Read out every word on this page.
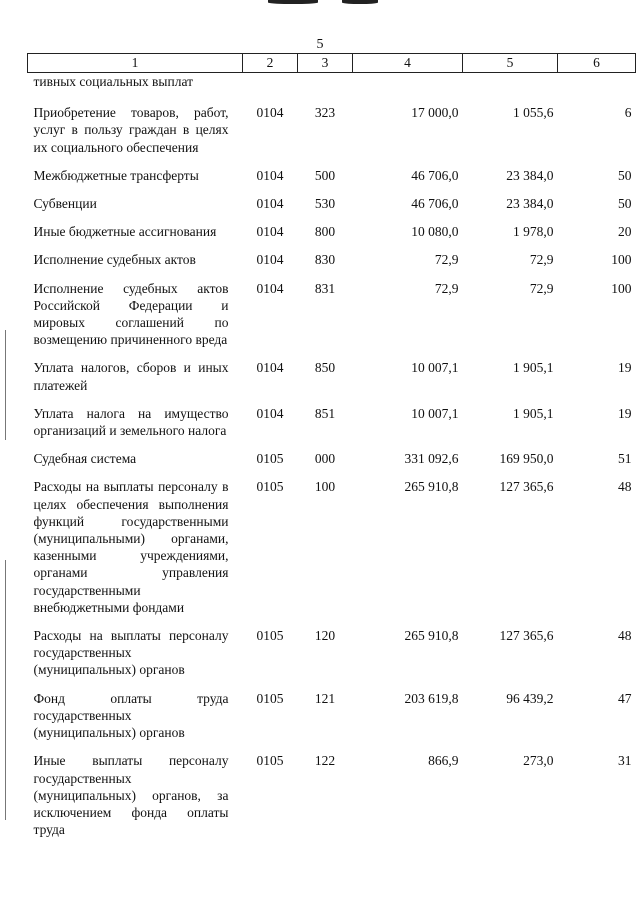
5
1	2	3	4	5	6
тивных социальных выплат					
Приобретение товаров, работ, услуг в пользу граждан в целях их социального обеспечения	0104	323	17 000,0	1 055,6	6
Межбюджетные трансферты	0104	500	46 706,0	23 384,0	50
Субвенции	0104	530	46 706,0	23 384,0	50
Иные бюджетные ассигнования	0104	800	10 080,0	1 978,0	20
Исполнение судебных актов	0104	830	72,9	72,9	100
Исполнение судебных актов Российской Федерации и мировых соглашений по возмещению причиненного вреда	0104	831	72,9	72,9	100
Уплата налогов, сборов и иных платежей	0104	850	10 007,1	1 905,1	19
Уплата налога на имущество организаций и земельного налога	0104	851	10 007,1	1 905,1	19
Судебная система	0105	000	331 092,6	169 950,0	51
Расходы на выплаты персоналу в целях обеспечения выполнения функций государственными (муниципальными) органами, казенными учреждениями, органами управления государственными внебюджетными фондами	0105	100	265 910,8	127 365,6	48
Расходы на выплаты персоналу государственных (муниципальных) органов	0105	120	265 910,8	127 365,6	48
Фонд оплаты труда государственных (муниципальных) органов	0105	121	203 619,8	96 439,2	47
Иные выплаты персоналу государственных (муниципальных) органов, за исключением фонда оплаты труда	0105	122	866,9	273,0	31
